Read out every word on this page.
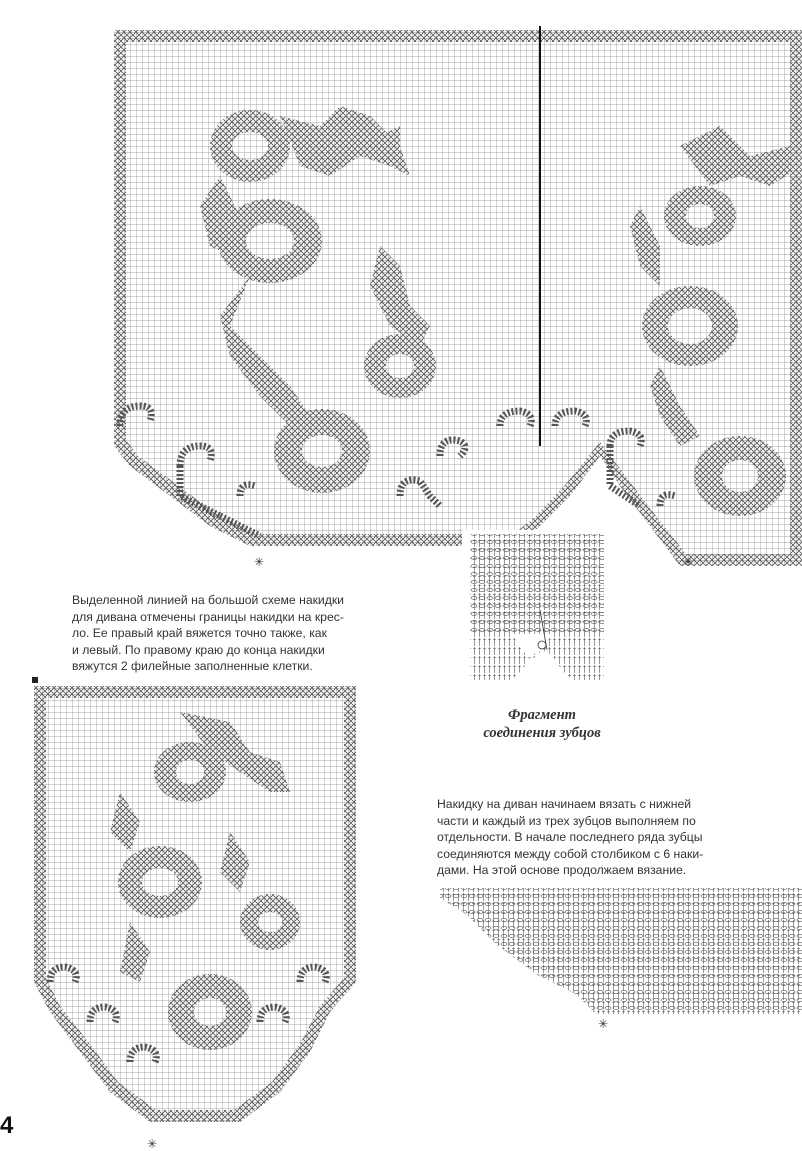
Выделенной линией на большой схеме накидки
для дивана отмечены границы накидки на крес-
ло. Ее правый край вяжется точно также, как
и левый. По правому краю до конца накидки
вяжутся 2 филейные заполненные клетки.

Фрагмент
соединения зубцов

Накидку на диван начинаем вязать с нижней
части и каждый из трех зубцов выполняем по
отдельности. В начале последнего ряда зубцы
соединяются между собой столбиком с 6 наки-
дами. На этой основе продолжаем вязание.

✳	✳
✳
✳
4
